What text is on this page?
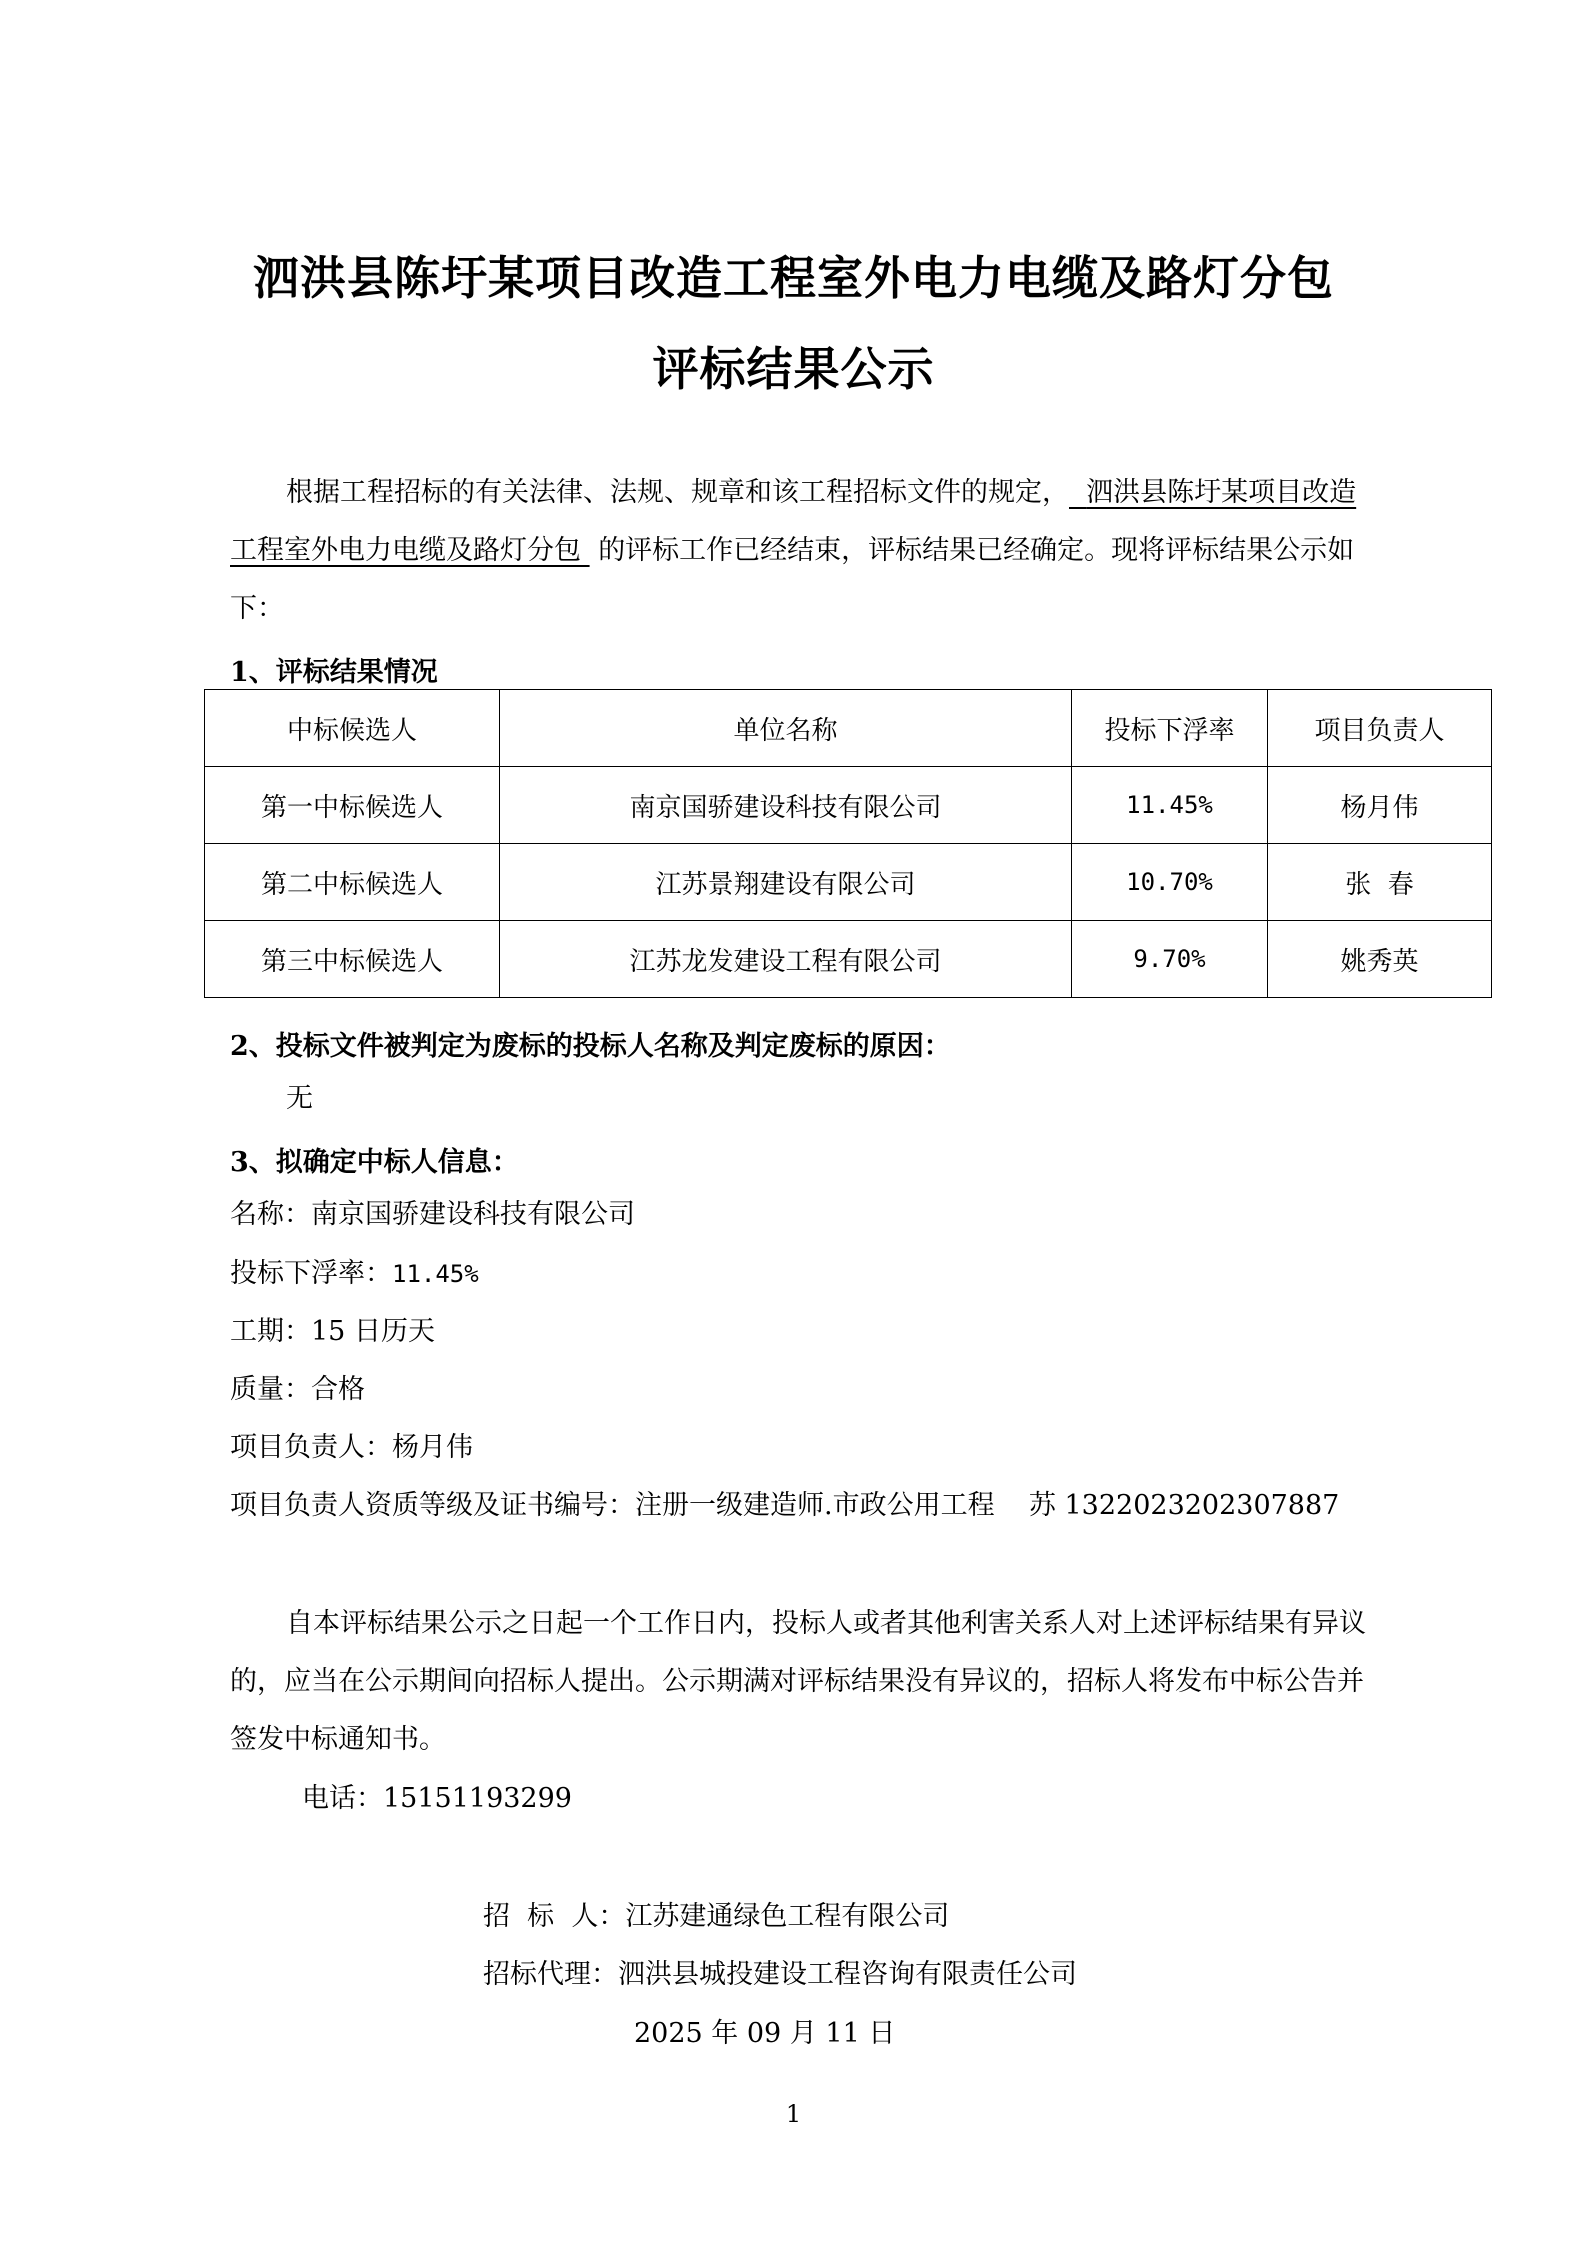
泗洪县陈圩某项目改造工程室外电力电缆及路灯分包
评标结果公示
根据工程招标的有关法律、法规、规章和该工程招标文件的规定， 泗洪县陈圩某项目改造
工程室外电力电缆及路灯分包 的评标工作已经结束，评标结果已经确定。现将评标结果公示如
下：
1、评标结果情况
中标候选人	单位名称	投标下浮率	项目负责人
第一中标候选人	南京国骄建设科技有限公司	11.45%	杨月伟
第二中标候选人	江苏景翔建设有限公司	10.70%	张  春
第三中标候选人	江苏龙发建设工程有限公司	9.70%	姚秀英
2、投标文件被判定为废标的投标人名称及判定废标的原因：
无
3、拟确定中标人信息：
名称：南京国骄建设科技有限公司
投标下浮率：11.45%
工期：15 日历天
质量：合格
项目负责人：杨月伟
项目负责人资质等级及证书编号：注册一级建造师.市政公用工程    苏 1322023202307887
自本评标结果公示之日起一个工作日内，投标人或者其他利害关系人对上述评标结果有异议
的，应当在公示期间向招标人提出。公示期满对评标结果没有异议的，招标人将发布中标公告并
签发中标通知书。
电话：15151193299
招  标  人：江苏建通绿色工程有限公司
招标代理：泗洪县城投建设工程咨询有限责任公司
2025 年 09 月 11 日
1
